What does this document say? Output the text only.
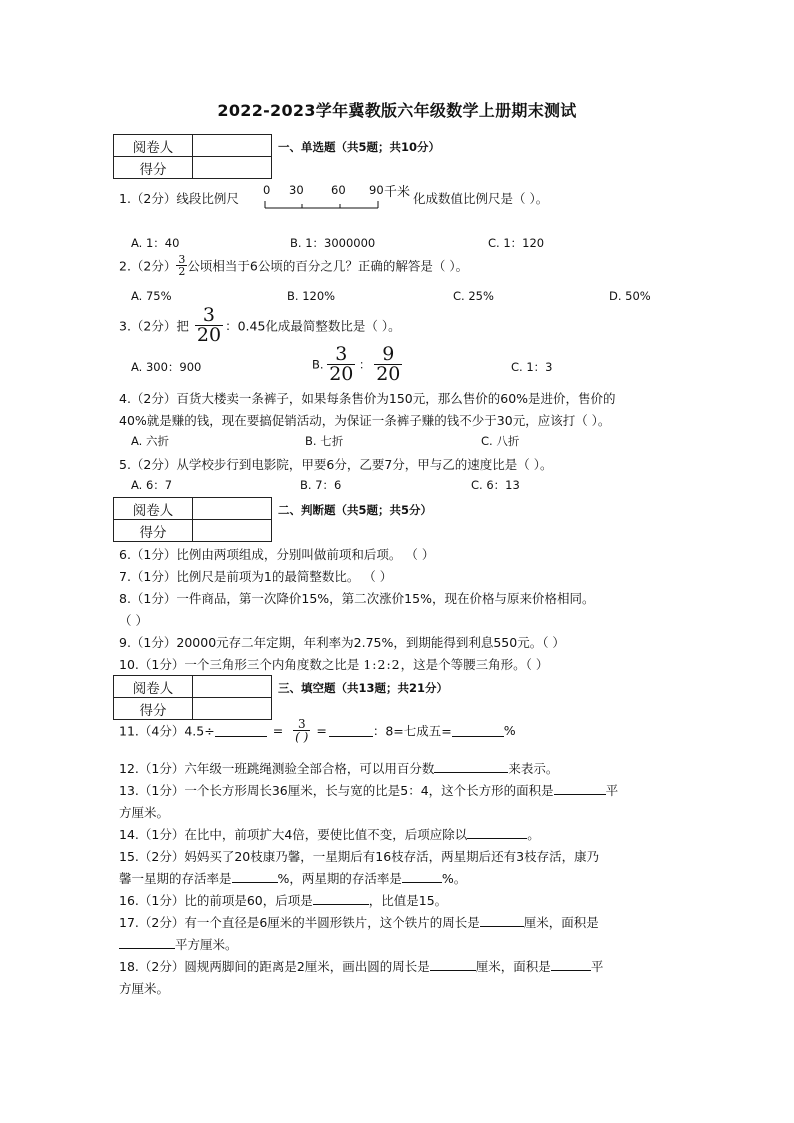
2022-2023学年冀教版六年级数学上册期末测试
阅卷人	
得分	
一、单选题（共5题；共10分）
1.（2分）线段比例尺
0 30 60 90 千米 化成数值比例尺是（ ）。
A. 1：40	B. 1：3000000	C. 1：120
2.（2分） $\frac{3}{2}$ 公顷相当于6公顷的百分之几？正确的解答是（ ）。
A. 75%	B. 120%	C. 25%	D. 50%
3.（2分）把 $\frac{3}{20}$ ：0.45化成最简整数比是（ ）。
A. 300：900	B. $\frac{3}{20}$ ： $\frac{9}{20}$	C. 1：3
4.（2分）百货大楼卖一条裤子，如果每条售价为150元，那么售价的60%是进价，售价的
40%就是赚的钱，现在要搞促销活动，为保证一条裤子赚的钱不少于30元，应该打（ ）。
A. 六折	B. 七折	C. 八折
5.（2分）从学校步行到电影院，甲要6分，乙要7分，甲与乙的速度比是（ ）。
A. 6：7	B. 7：6	C. 6：13
阅卷人	
得分	
二、判断题（共5题；共5分）
6.（1分）比例由两项组成，分别叫做前项和后项。 （ ）
7.（1分）比例尺是前项为1的最简整数比。 （ ）
8.（1分）一件商品，第一次降价15%，第二次涨价15%，现在价格与原来价格相同。
（ ）
9.（1分）20000元存二年定期，年利率为2.75%，到期能得到利息550元。（ ）
10.（1分）一个三角形三个内角度数之比是 1:2:2，这是个等腰三角形。（ ）
阅卷人	
得分	
三、填空题（共13题；共21分）
11.（4分）4.5÷	= $\frac{3}{( )}$ =	：8=七成五=	%
12.（1分）六年级一班跳绳测验全部合格，可以用百分数	来表示。
13.（1分）一个长方形周长36厘米，长与宽的比是5：4，这个长方形的面积是	平
方厘米。
14.（1分）在比中，前项扩大4倍，要使比值不变，后项应除以	。
15.（2分）妈妈买了20枝康乃馨，一星期后有16枝存活，两星期后还有3枝存活，康乃
馨一星期的存活率是	%，两星期的存活率是	%。
16.（1分）比的前项是60，后项是	，比值是15。
17.（2分）有一个直径是6厘米的半圆形铁片，这个铁片的周长是	厘米，面积是
平方厘米。
18.（2分）圆规两脚间的距离是2厘米，画出圆的周长是	厘米，面积是	平
方厘米。
